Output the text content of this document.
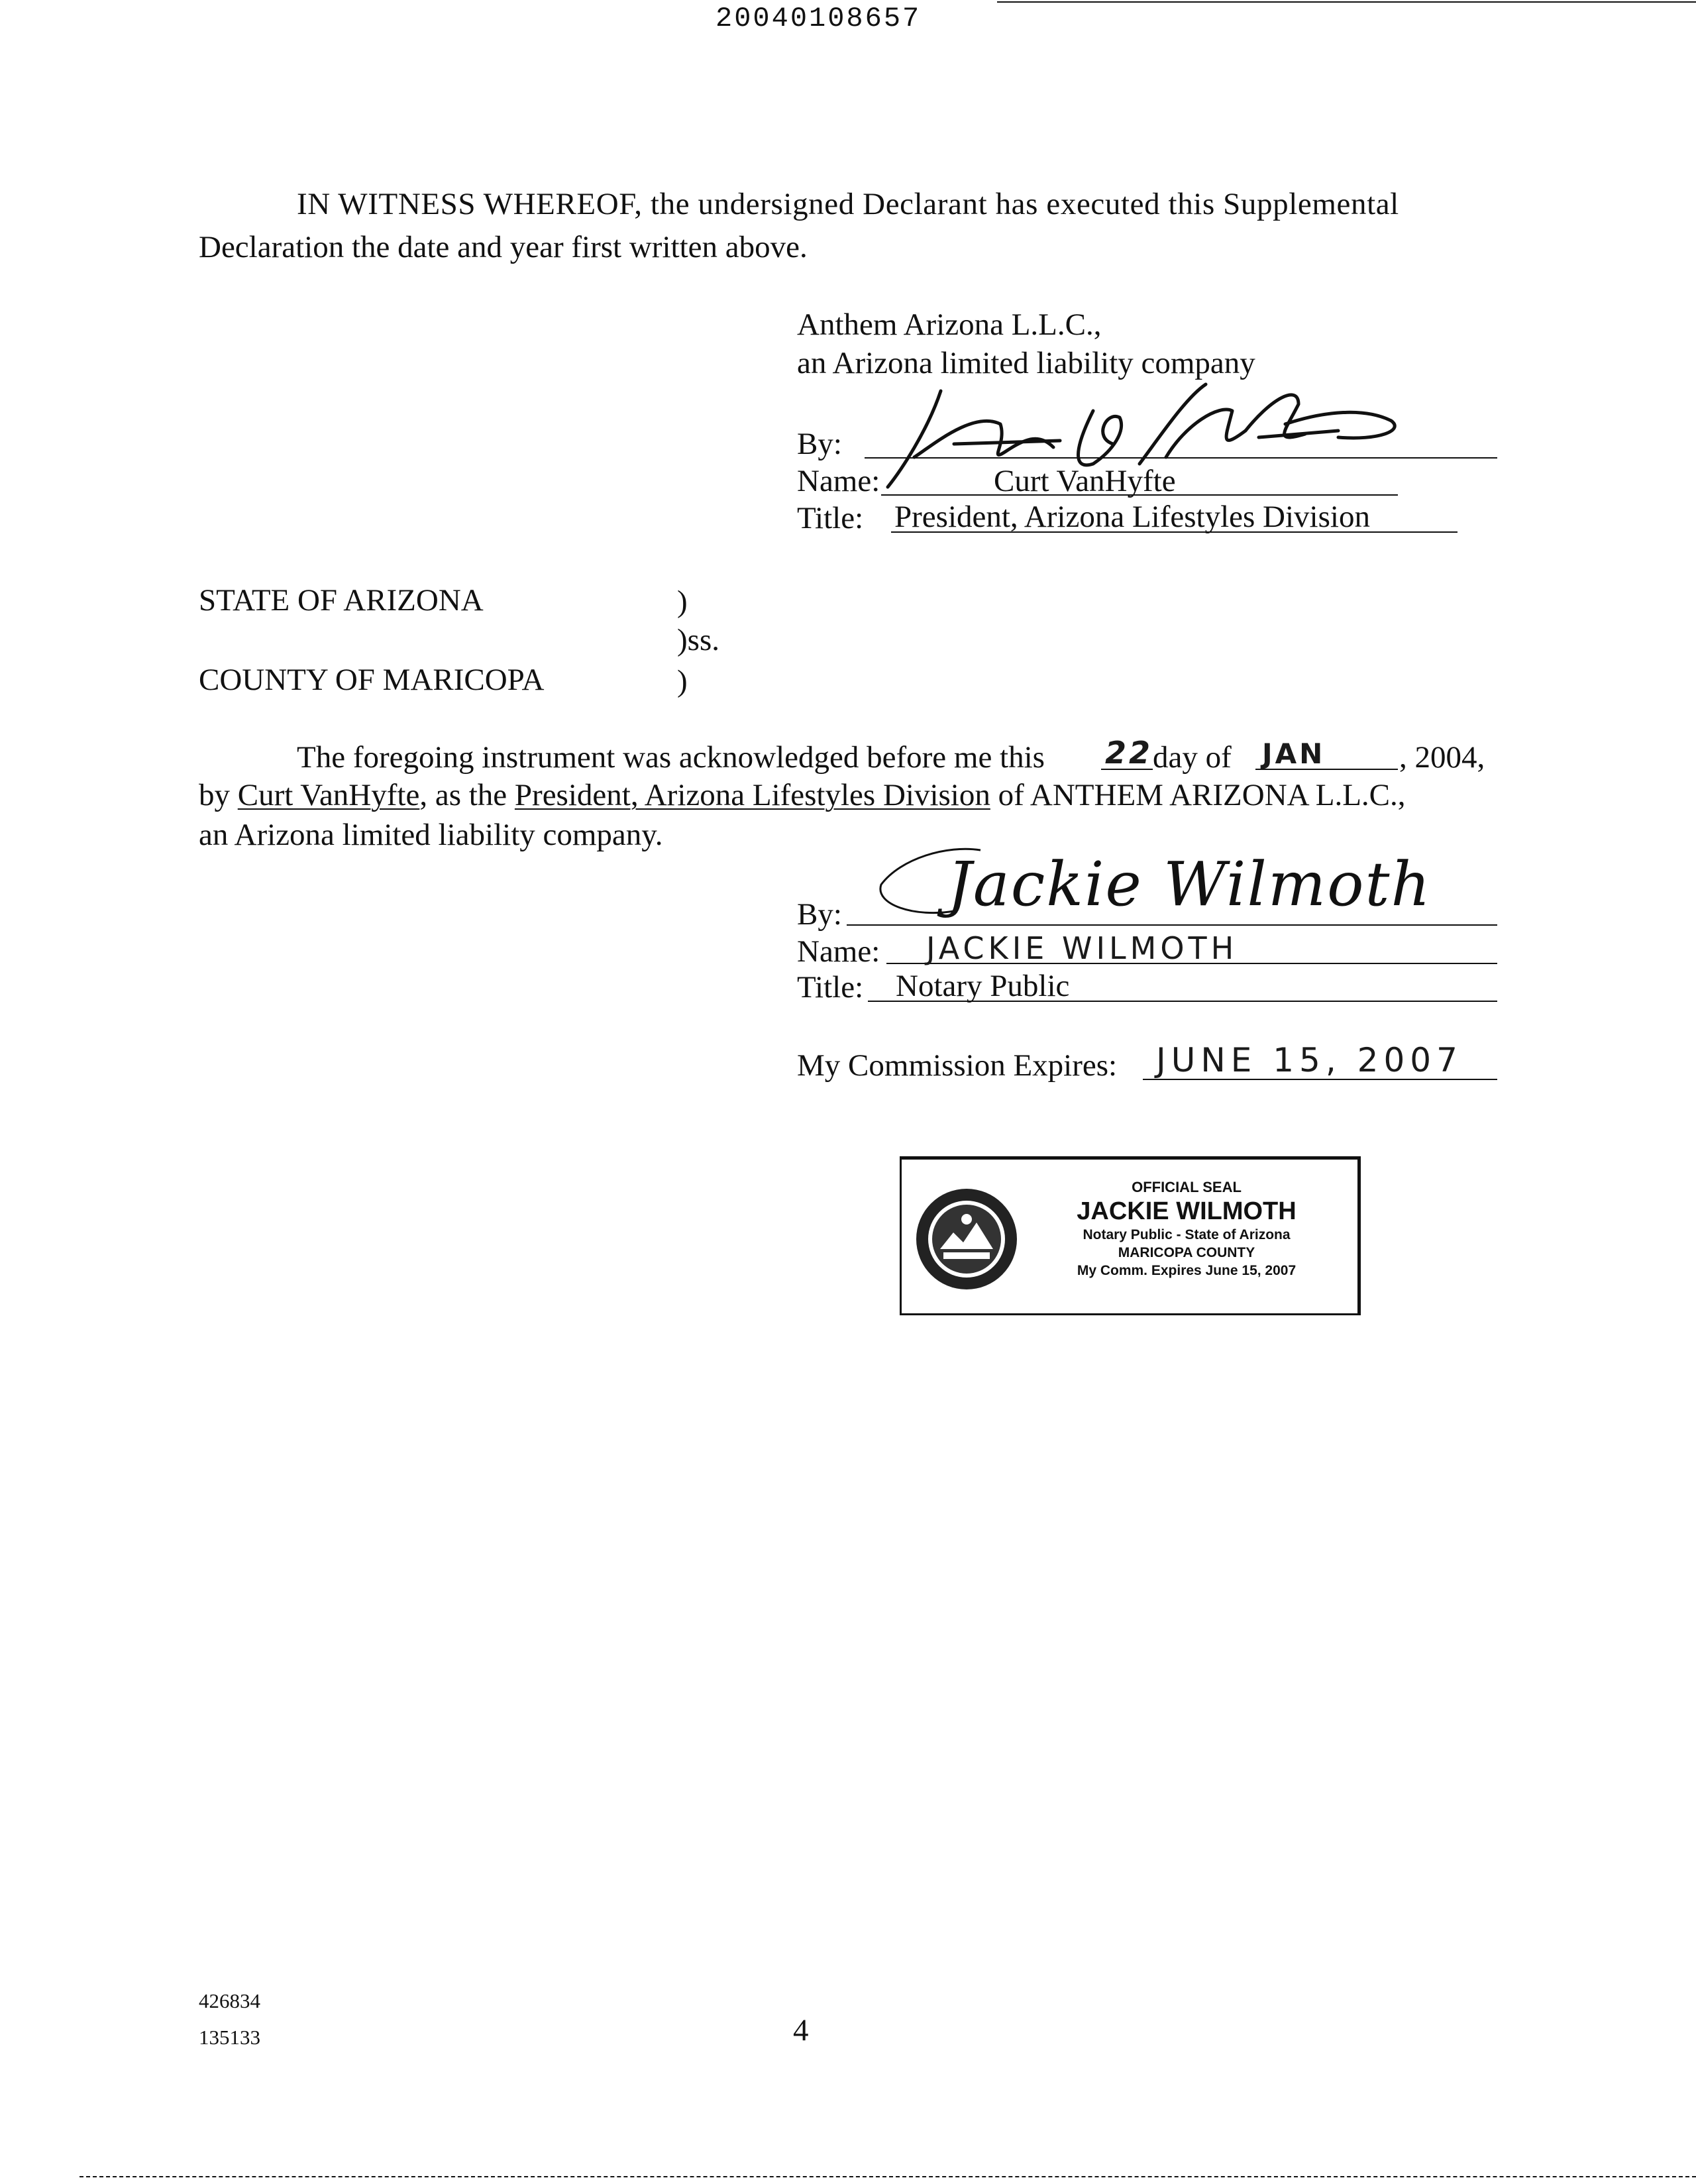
20040108657
IN WITNESS WHEREOF, the undersigned Declarant has executed this Supplemental
Declaration the date and year first written above.
Anthem Arizona L.L.C.,
an Arizona limited liability company
By:
Name:	Curt VanHyfte
Title: President, Arizona Lifestyles Division
STATE OF ARIZONA	)
)ss.
COUNTY OF MARICOPA	)
The foregoing instrument was acknowledged before me this 22 day of JAN , 2004,
by Curt VanHyfte, as the President, Arizona Lifestyles Division of ANTHEM ARIZONA L.L.C.,
an Arizona limited liability company.
By: Jackie Wilmoth
Name: JACKIE WILMOTH
Title: Notary Public
My Commission Expires: JUNE 15, 2007
OFFICIAL SEAL
JACKIE WILMOTH
Notary Public - State of Arizona
MARICOPA COUNTY
My Comm. Expires June 15, 2007
426834
135133	4
